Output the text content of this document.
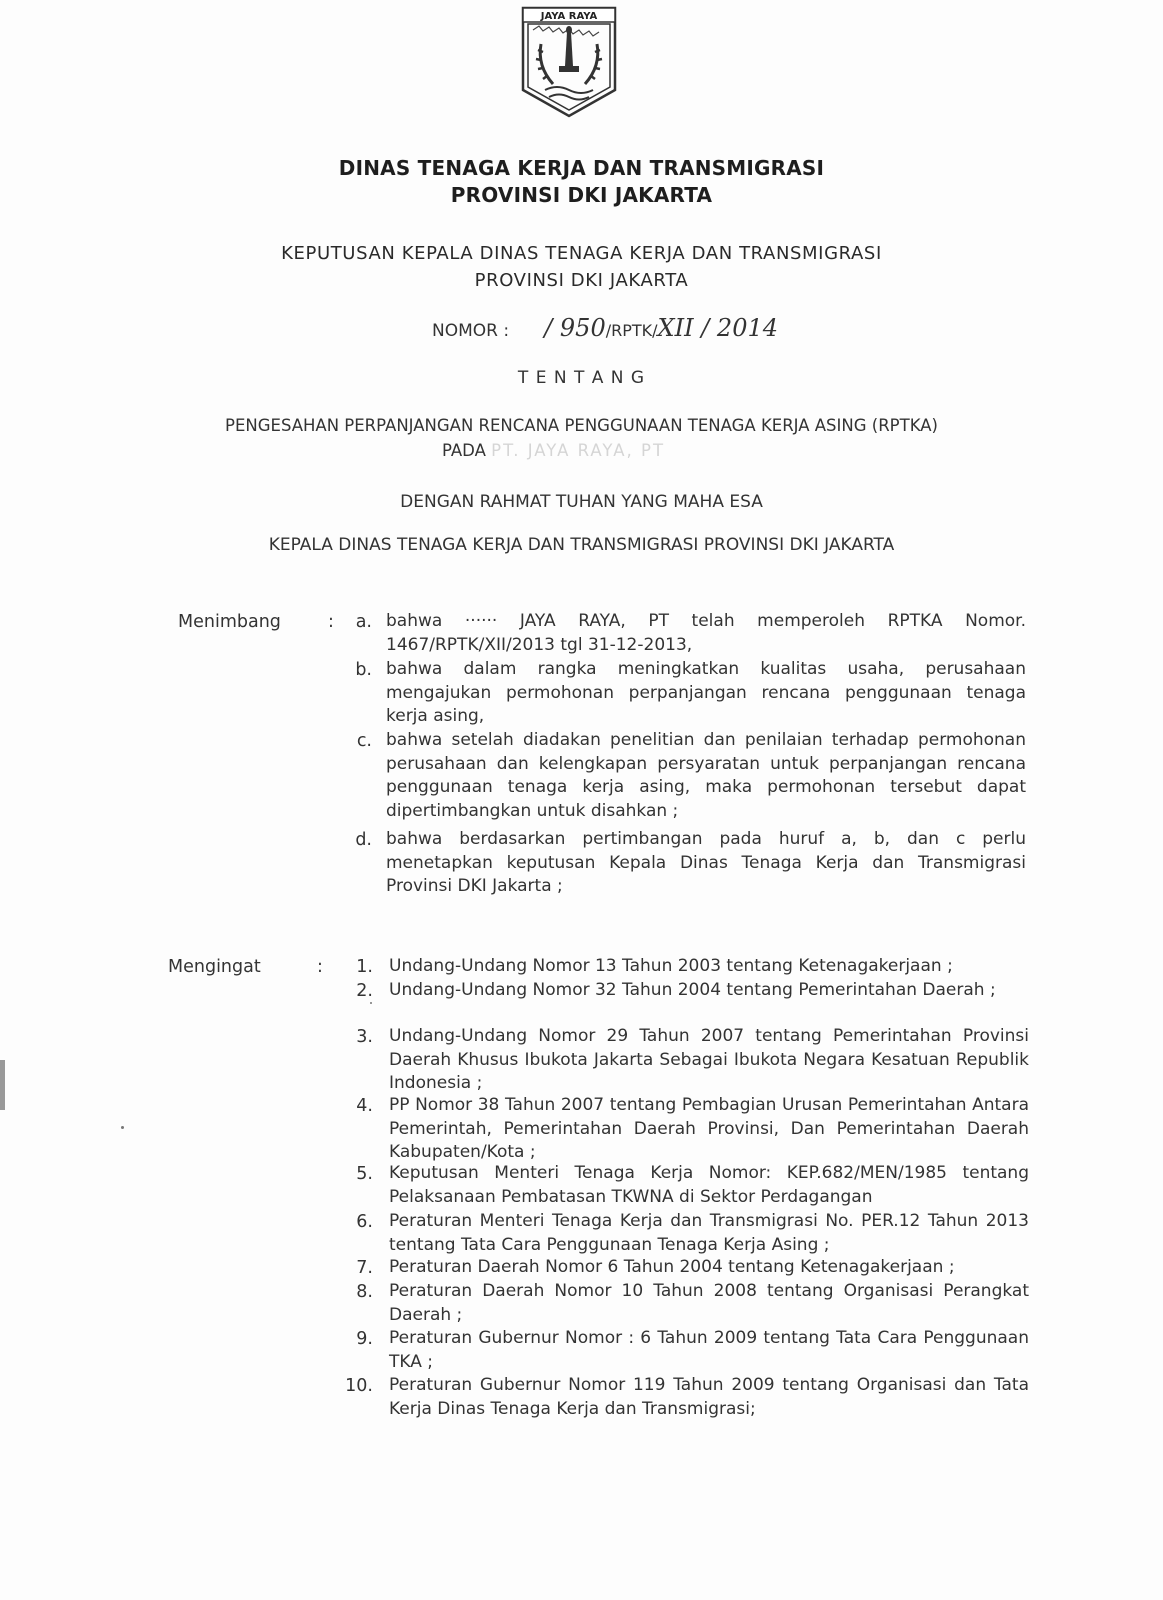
JAYA RAYA
DINAS TENAGA KERJA DAN TRANSMIGRASI
PROVINSI DKI JAKARTA
KEPUTUSAN KEPALA DINAS TENAGA KERJA DAN TRANSMIGRASI
PROVINSI DKI JAKARTA
NOMOR : / 950/RPTK/XII / 2014
T E N T A N G
PENGESAHAN PERPANJANGAN RENCANA PENGGUNAAN TENAGA KERJA ASING (RPTKA)
PADA PT. JAYA RAYA, PT
DENGAN RAHMAT TUHAN YANG MAHA ESA
KEPALA DINAS TENAGA KERJA DAN TRANSMIGRASI PROVINSI DKI JAKARTA
Menimbang	:	a. bahwa ······ JAYA RAYA, PT telah memperoleh RPTKA Nomor. 1467/RPTK/XII/2013 tgl 31-12-2013,
b. bahwa dalam rangka meningkatkan kualitas usaha, perusahaan mengajukan permohonan perpanjangan rencana penggunaan tenaga kerja asing,
c. bahwa setelah diadakan penelitian dan penilaian terhadap permohonan perusahaan dan kelengkapan persyaratan untuk perpanjangan rencana penggunaan tenaga kerja asing, maka permohonan tersebut dapat dipertimbangkan untuk disahkan ;
d. bahwa berdasarkan pertimbangan pada huruf a, b, dan c perlu menetapkan keputusan Kepala Dinas Tenaga Kerja dan Transmigrasi Provinsi DKI Jakarta ;
Mengingat	:	1. Undang-Undang Nomor 13 Tahun 2003 tentang Ketenagakerjaan ;
2. Undang-Undang Nomor 32 Tahun 2004 tentang Pemerintahan Daerah ;
3. Undang-Undang Nomor 29 Tahun 2007 tentang Pemerintahan Provinsi Daerah Khusus Ibukota Jakarta Sebagai Ibukota Negara Kesatuan Republik Indonesia ;
4. PP Nomor 38 Tahun 2007 tentang Pembagian Urusan Pemerintahan Antara Pemerintah, Pemerintahan Daerah Provinsi, Dan Pemerintahan Daerah Kabupaten/Kota ;
5. Keputusan Menteri Tenaga Kerja Nomor: KEP.682/MEN/1985 tentang Pelaksanaan Pembatasan TKWNA di Sektor Perdagangan
6. Peraturan Menteri Tenaga Kerja dan Transmigrasi No. PER.12 Tahun 2013 tentang Tata Cara Penggunaan Tenaga Kerja Asing ;
7. Peraturan Daerah Nomor 6 Tahun 2004 tentang Ketenagakerjaan ;
8. Peraturan Daerah Nomor 10 Tahun 2008 tentang Organisasi Perangkat Daerah ;
9. Peraturan Gubernur Nomor : 6 Tahun 2009 tentang Tata Cara Penggunaan TKA ;
10. Peraturan Gubernur Nomor 119 Tahun 2009 tentang Organisasi dan Tata Kerja Dinas Tenaga Kerja dan Transmigrasi;
